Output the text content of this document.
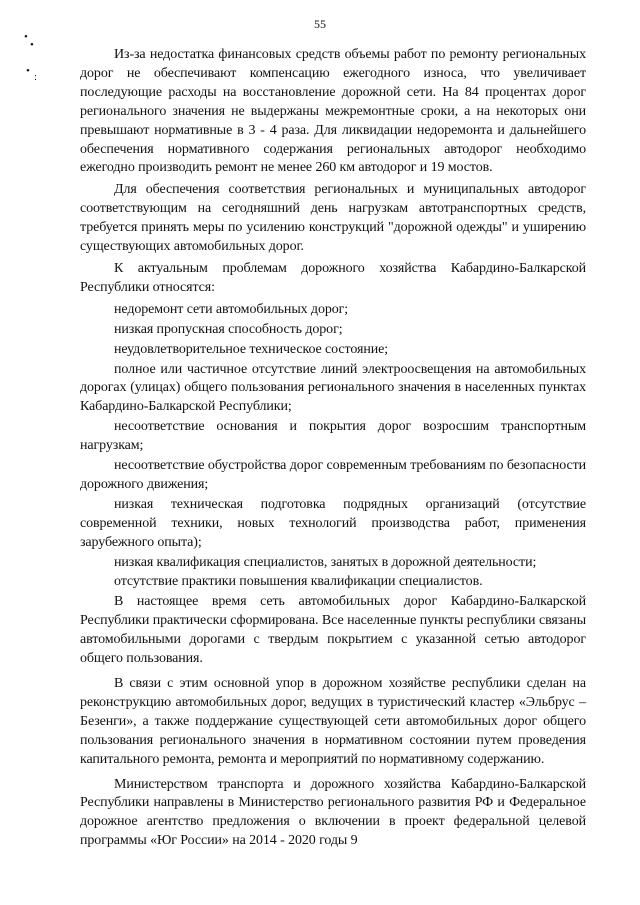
55
•
•
• :

Из-за недостатка финансовых средств объемы работ по ремонту региональных дорог не обеспечивают компенсацию ежегодного износа, что увеличивает последующие расходы на восстановление дорожной сети. На 84 процентах дорог регионального значения не выдержаны межремонтные сроки, а на некоторых они превышают нормативные в 3 - 4 раза. Для ликвидации недоремонта и дальнейшего обеспечения нормативного содержания региональных автодорог необходимо ежегодно производить ремонт не менее 260 км автодорог и 19 мостов.

Для обеспечения соответствия региональных и муниципальных автодорог соответствующим на сегодняшний день нагрузкам автотранспортных средств, требуется принять меры по усилению конструкций "дорожной одежды" и уширению существующих автомобильных дорог.

К актуальным проблемам дорожного хозяйства Кабардино-Балкарской Республики относятся:

недоремонт сети автомобильных дорог;

низкая пропускная способность дорог;

неудовлетворительное техническое состояние;

полное или частичное отсутствие линий электроосвещения на автомобильных дорогах (улицах) общего пользования регионального значения в населенных пунктах Кабардино-Балкарской Республики;

несоответствие основания и покрытия дорог возросшим транспортным нагрузкам;

несоответствие обустройства дорог современным требованиям по безопасности дорожного движения;

низкая техническая подготовка подрядных организаций (отсутствие современной техники, новых технологий производства работ, применения зарубежного опыта);

низкая квалификация специалистов, занятых в дорожной деятельности;

отсутствие практики повышения квалификации специалистов.

В настоящее время сеть автомобильных дорог Кабардино-Балкарской Республики практически сформирована. Все населенные пункты республики связаны автомобильными дорогами с твердым покрытием с указанной сетью автодорог общего пользования.

В связи с этим основной упор в дорожном хозяйстве республики сделан на реконструкцию автомобильных дорог, ведущих в туристический кластер «Эльбрус – Безенги», а также поддержание существующей сети автомобильных дорог общего пользования регионального значения в нормативном состоянии путем проведения капитального ремонта, ремонта и мероприятий по нормативному содержанию.

Министерством транспорта и дорожного хозяйства Кабардино-Балкарской Республики направлены в Министерство регионального развития РФ и Федеральное дорожное агентство предложения о включении в проект федеральной целевой программы «Юг России» на 2014 - 2020 годы 9
